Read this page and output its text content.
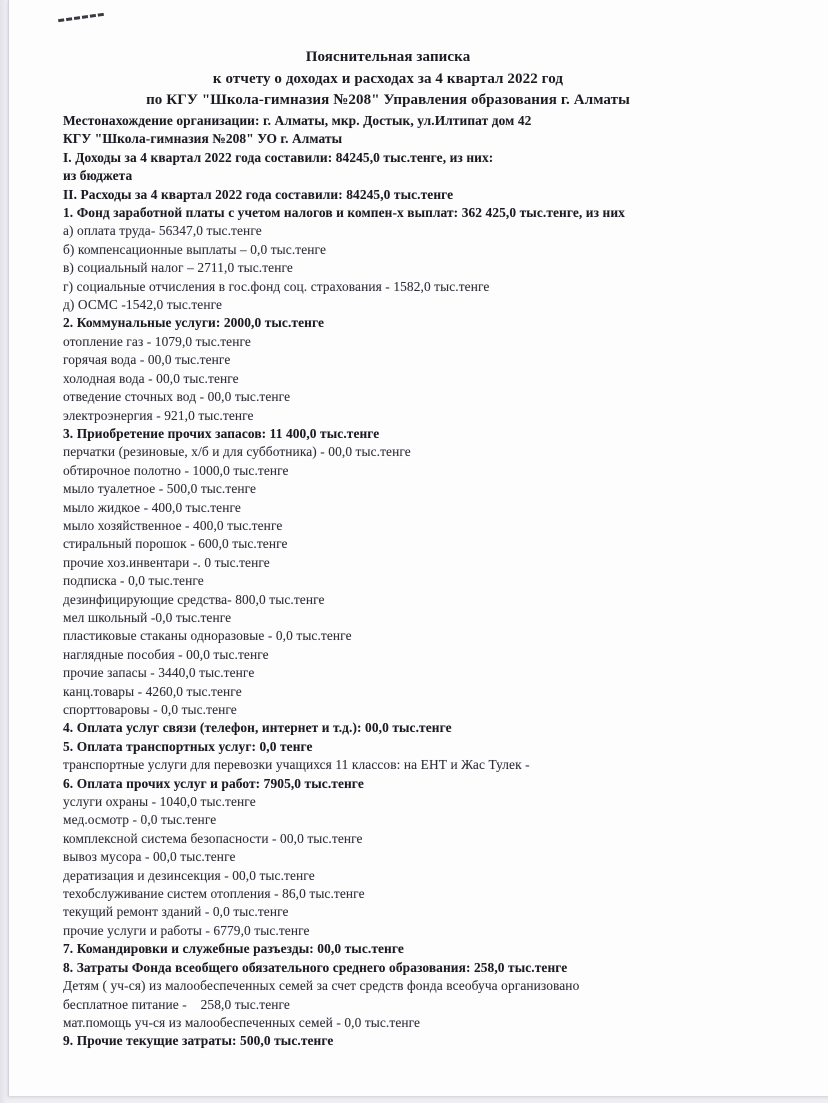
Пояснительная записка

к отчету о доходах и расходах за 4 квартал 2022 год

по КГУ "Школа-гимназия №208" Управления образования г. Алматы

Местонахождение организации: г. Алматы, мкр. Достык, ул.Илтипат дом 42

КГУ "Школа-гимназия №208" УО г. Алматы

I. Доходы за 4 квартал 2022 года составили: 84245,0 тыс.тенге, из них:

из бюджета

II. Расходы за 4 квартал 2022 года составили: 84245,0 тыс.тенге

1. Фонд заработной платы с учетом налогов и компен-х выплат: 362 425,0 тыс.тенге, из них

а) оплата труда- 56347,0 тыс.тенге

б) компенсационные выплаты – 0,0 тыс.тенге

в) социальный налог – 2711,0 тыс.тенге

г) социальные отчисления в гос.фонд соц. страхования - 1582,0 тыс.тенге

д) ОСМС -1542,0 тыс.тенге

2. Коммунальные услуги: 2000,0 тыс.тенге

отопление газ - 1079,0 тыс.тенге

горячая вода - 00,0 тыс.тенге

холодная вода - 00,0 тыс.тенге

отведение сточных вод - 00,0 тыс.тенге

электроэнергия - 921,0 тыс.тенге

3. Приобретение прочих запасов: 11 400,0 тыс.тенге

перчатки (резиновые, х/б и для субботника) - 00,0 тыс.тенге

обтирочное полотно - 1000,0 тыс.тенге

мыло туалетное - 500,0 тыс.тенге

мыло жидкое - 400,0 тыс.тенге

мыло хозяйственное - 400,0 тыс.тенге

стиральный порошок - 600,0 тыс.тенге

прочие хоз.инвентари -. 0 тыс.тенге

подписка - 0,0 тыс.тенге

дезинфицирующие средства- 800,0 тыс.тенге

мел школьный -0,0 тыс.тенге

пластиковые стаканы одноразовые - 0,0 тыс.тенге

наглядные пособия - 00,0 тыс.тенге

прочие запасы - 3440,0 тыс.тенге

канц.товары - 4260,0 тыс.тенге

спорттоваровы - 0,0 тыс.тенге

4. Оплата услуг связи (телефон, интернет и т.д.): 00,0 тыс.тенге

5. Оплата транспортных услуг: 0,0 тенге

транспортные услуги для перевозки учащихся 11 классов: на ЕНТ и Жас Тулек -

6. Оплата прочих услуг и работ: 7905,0 тыс.тенге

услуги охраны - 1040,0 тыс.тенге

мед.осмотр - 0,0 тыс.тенге

комплексной система безопасности - 00,0 тыс.тенге

вывоз мусора - 00,0 тыс.тенге

дератизация и дезинсекция - 00,0 тыс.тенге

техобслуживание систем отопления - 86,0 тыс.тенге

текущий ремонт зданий - 0,0 тыс.тенге

прочие услуги и работы - 6779,0 тыс.тенге

7. Командировки и служебные разъезды: 00,0 тыс.тенге

8. Затраты Фонда всеобщего обязательного среднего образования: 258,0 тыс.тенге

Детям ( уч-ся) из малообеспеченных семей за счет средств фонда всеобуча организовано

бесплатное питание -    258,0 тыс.тенге

мат.помощь уч-ся из малообеспеченных семей - 0,0 тыс.тенге

9. Прочие текущие затраты: 500,0 тыс.тенге
